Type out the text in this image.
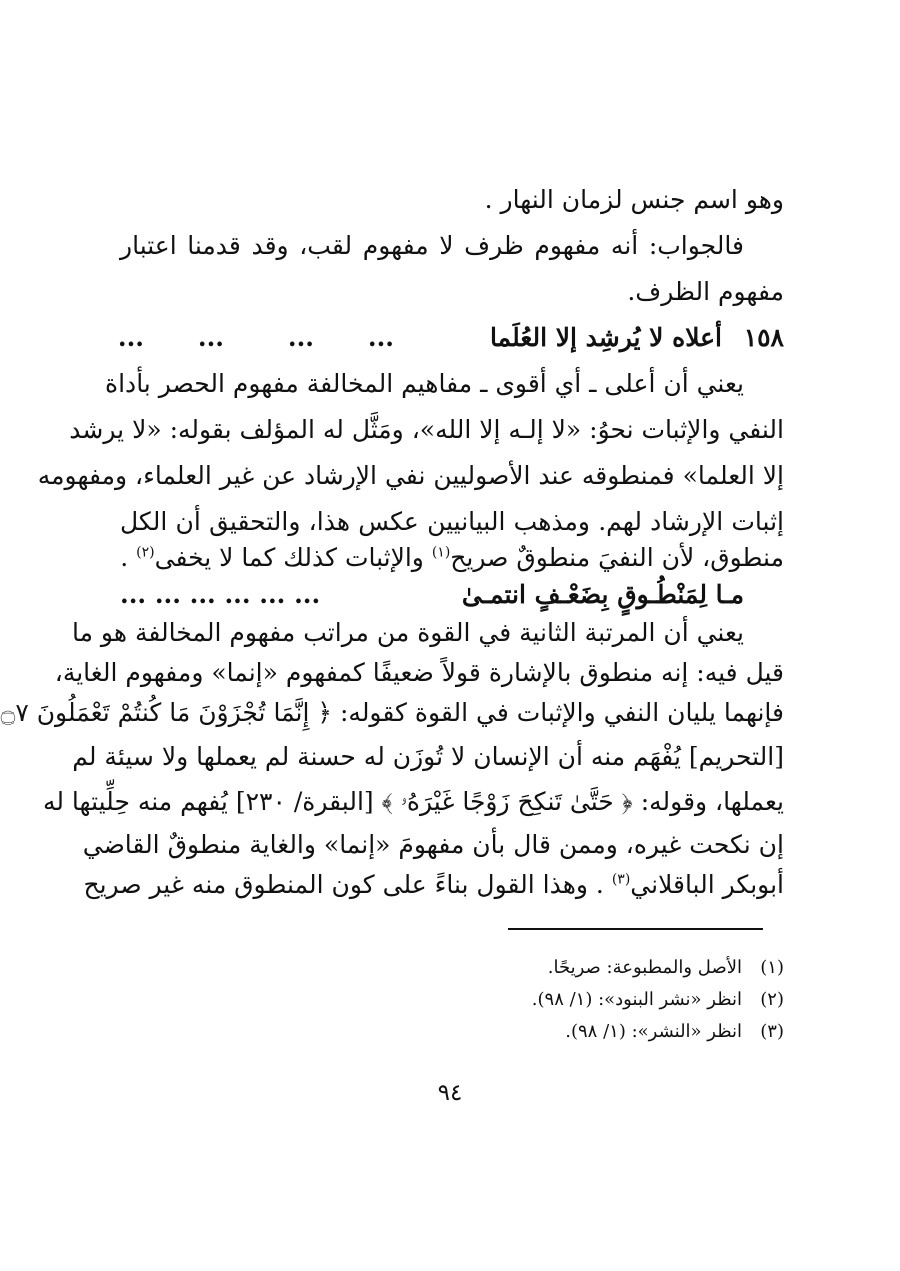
وهو اسم جنس لزمان النهار .
فالجواب: أنه مفهوم ظرف لا مفهوم لقب، وقد قدمنا اعتبار
مفهوم الظرف.
١٥٨
أعلاه لا يُرشِد إلا العُلَما
...
...
...
...
يعني أن أعلى ـ أي أقوى ـ مفاهيم المخالفة مفهوم الحصر بأداة
النفي والإثبات نحوُ: «لا إلـه إلا الله»، ومَثَّل له المؤلف بقوله: «لا يرشد
إلا العلما» فمنطوقه عند الأصوليين نفي الإرشاد عن غير العلماء، ومفهومه
إثبات الإرشاد لهم. ومذهب البيانيين عكس هذا، والتحقيق أن الكل
منطوق، لأن النفيَ منطوقٌ صريح$^{(١)}$ والإثبات كذلك كما لا يخفى$^{(٢)}$ .
مـا لِمَنْطُـوقٍ بِضَعْـفٍ انتمـىٰ
... ... ... ... ... ...
يعني أن المرتبة الثانية في القوة من مراتب مفهوم المخالفة هو ما
قيل فيه: إنه منطوق بالإشارة قولاً ضعيفًا كمفهوم «إنما» ومفهوم الغاية،
فإنهما يليان النفي والإثبات في القوة كقوله: ﴿ إِنَّمَا تُجْزَوْنَ مَا كُنتُمْ تَعْمَلُونَ ۝٧
[التحريم] يُفْهَم منه أن الإنسان لا تُوزَن له حسنة لم يعملها ولا سيئة لم
يعملها، وقوله: ﴿ حَتَّىٰ تَنكِحَ زَوْجًا غَيْرَهُۥ ﴾ [البقرة/ ٢٣٠] يُفهم منه حِلِّيتها له
إن نكحت غيره، وممن قال بأن مفهومَ «إنما» والغاية منطوقٌ القاضي
أبوبكر الباقلاني$^{(٣)}$ . وهذا القول بناءً على كون المنطوق منه غير صريح
(١)الأصل والمطبوعة: صريحًا.
(٢)انظر «نشر البنود»: (١/ ٩٨).
(٣)انظر «النشر»: (١/ ٩٨).
٩٤
